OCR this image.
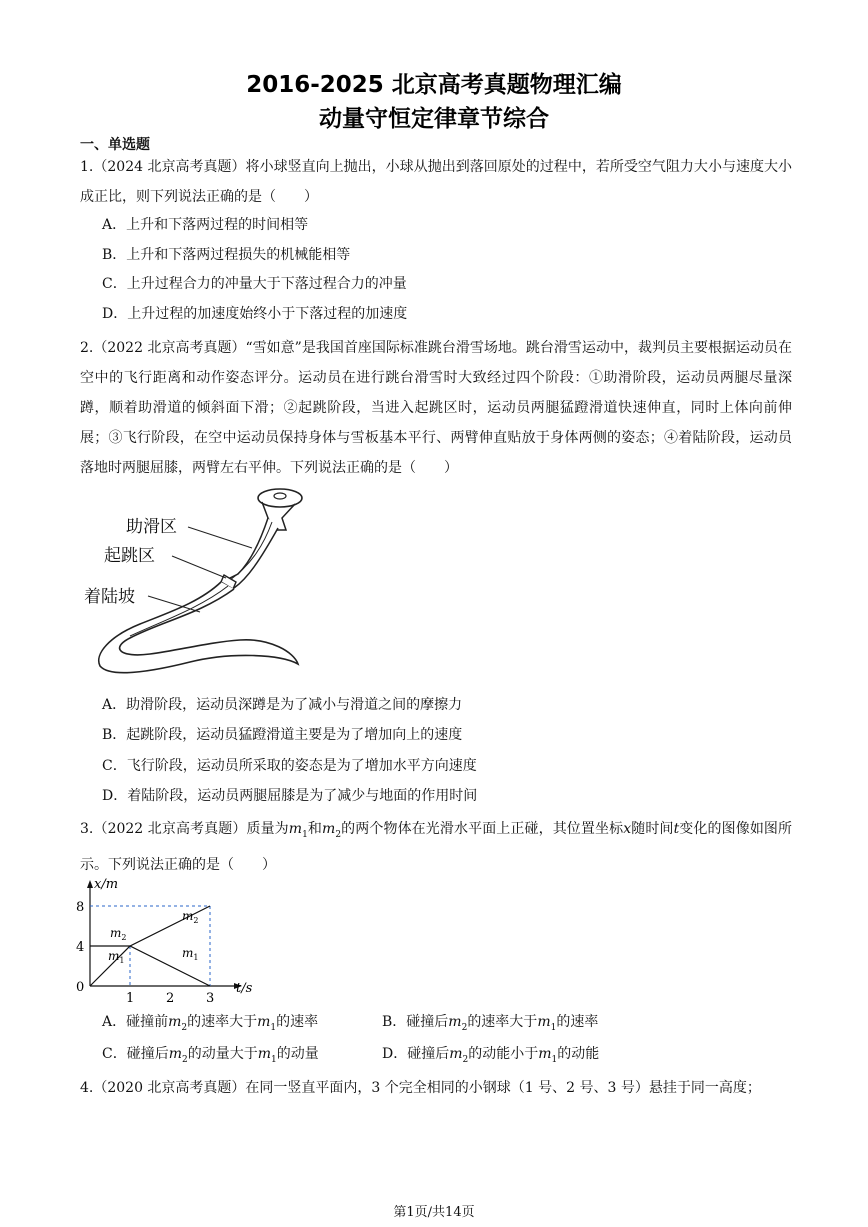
2016-2025 北京高考真题物理汇编
动量守恒定律章节综合
一、单选题
1.（2024 北京高考真题）将小球竖直向上抛出，小球从抛出到落回原处的过程中，若所受空气阻力大小与速度大小成正比，则下列说法正确的是（　　）
A．上升和下落两过程的时间相等
B．上升和下落两过程损失的机械能相等
C．上升过程合力的冲量大于下落过程合力的冲量
D．上升过程的加速度始终小于下落过程的加速度
2.（2022 北京高考真题）“雪如意”是我国首座国际标准跳台滑雪场地。跳台滑雪运动中，裁判员主要根据运动员在空中的飞行距离和动作姿态评分。运动员在进行跳台滑雪时大致经过四个阶段：①助滑阶段，运动员两腿尽量深蹲，顺着助滑道的倾斜面下滑；②起跳阶段，当进入起跳区时，运动员两腿猛蹬滑道快速伸直，同时上体向前伸展；③飞行阶段，在空中运动员保持身体与雪板基本平行、两臂伸直贴放于身体两侧的姿态；④着陆阶段，运动员落地时两腿屈膝，两臂左右平伸。下列说法正确的是（　　）
助滑区
起跳区
着陆坡
A．助滑阶段，运动员深蹲是为了减小与滑道之间的摩擦力
B．起跳阶段，运动员猛蹬滑道主要是为了增加向上的速度
C．飞行阶段，运动员所采取的姿态是为了增加水平方向速度
D．着陆阶段，运动员两腿屈膝是为了减少与地面的作用时间
3.（2022 北京高考真题）质量为$m_1$和$m_2$的两个物体在光滑水平面上正碰，其位置坐标x随时间t变化的图像如图所示。下列说法正确的是（　　）
t/s
x/m
1 2 3
0
4
8
$m_2$
$m_1$
$m_2$
$m_1$
A．碰撞前$m_2$的速率大于$m_1$的速率	B．碰撞后$m_2$的速率大于$m_1$的速率
C．碰撞后$m_2$的动量大于$m_1$的动量	D．碰撞后$m_2$的动能小于$m_1$的动能
4.（2020 北京高考真题）在同一竖直平面内，3 个完全相同的小钢球（1 号、2 号、3 号）悬挂于同一高度；
第1页/共14页
